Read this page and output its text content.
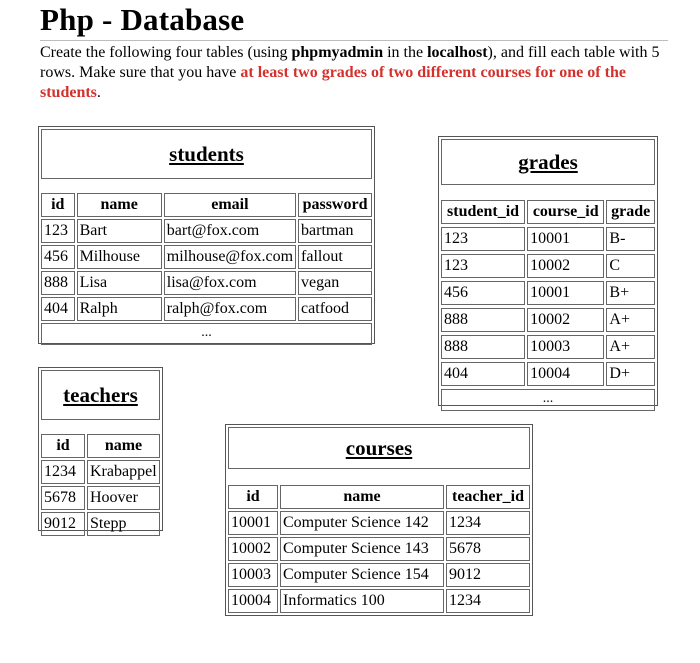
Php - Database
Create the following four tables (using phpmyadmin in the localhost), and fill each table with 5 rows. Make sure that you have at least two grades of two different courses for one of the students.
students
id	name	email	password
123	Bart	bart@fox.com	bartman
456	Milhouse	milhouse@fox.com	fallout
888	Lisa	lisa@fox.com	vegan
404	Ralph	ralph@fox.com	catfood
...
grades
student_id	course_id	grade
123	10001	B-
123	10002	C
456	10001	B+
888	10002	A+
888	10003	A+
404	10004	D+
...
teachers
id	name
1234	Krabappel
5678	Hoover
9012	Stepp
courses
id	name	teacher_id
10001	Computer Science 142	1234
10002	Computer Science 143	5678
10003	Computer Science 154	9012
10004	Informatics 100	1234
